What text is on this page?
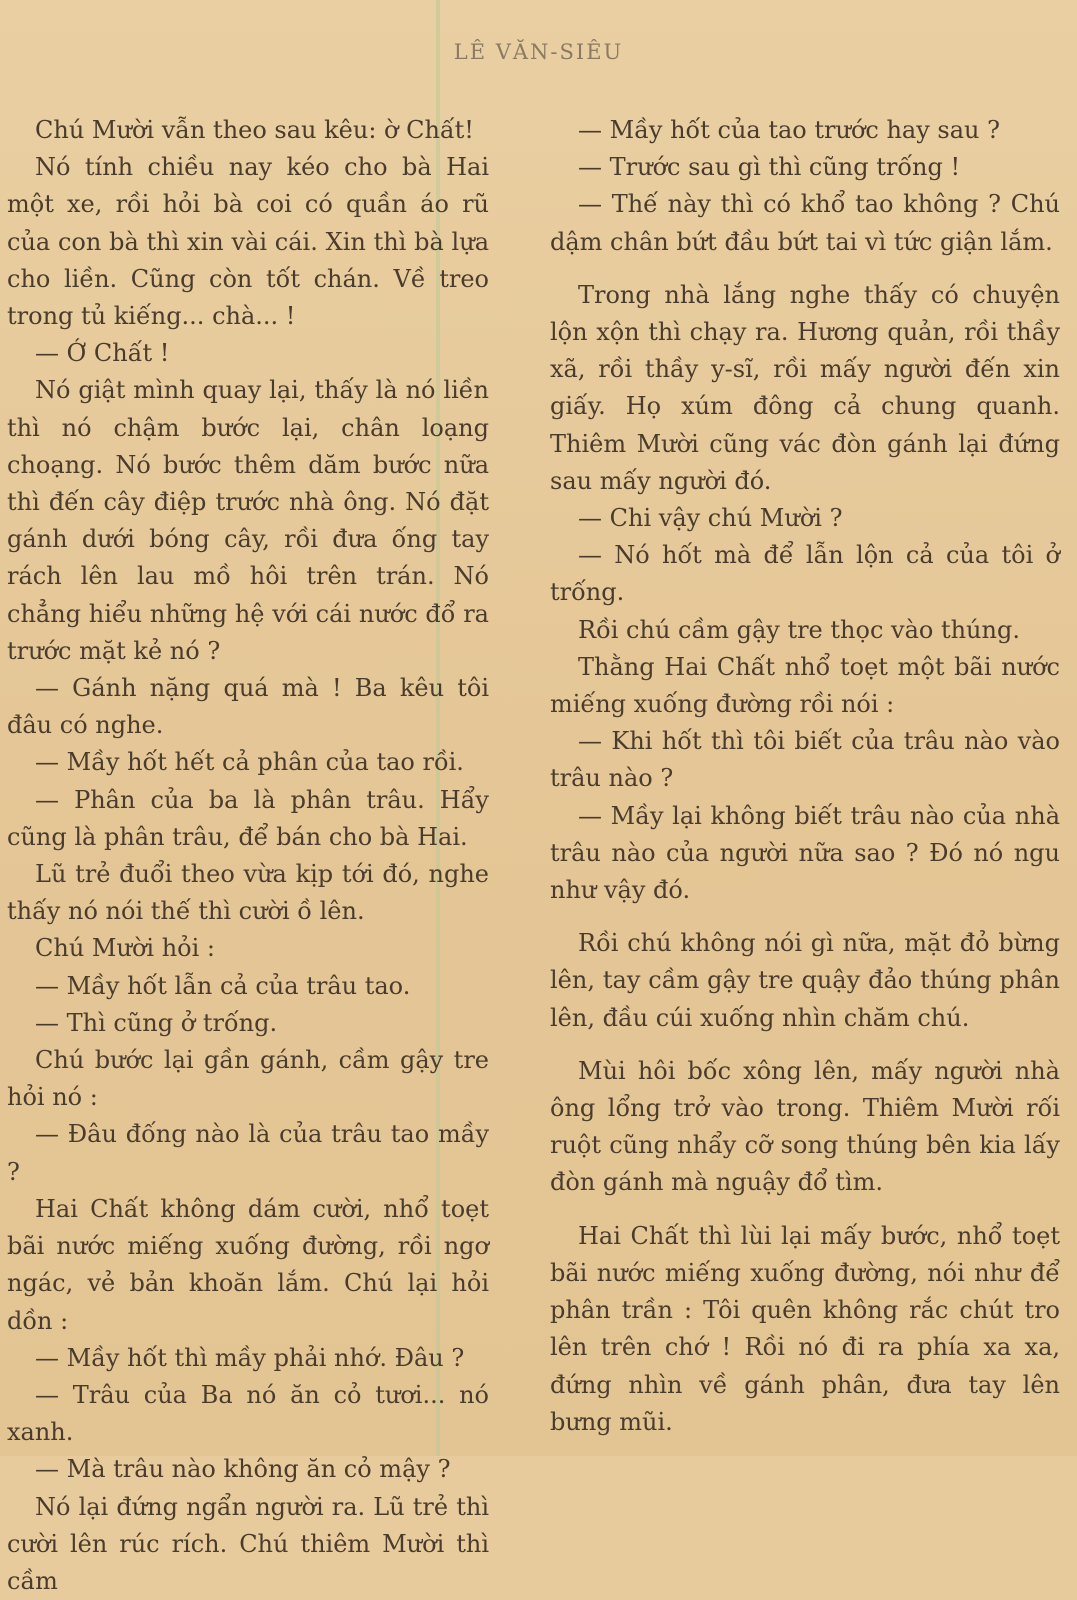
LÊ VĂN-SIÊU

Chú Mười vẫn theo sau kêu: ờ Chất!

Nó tính chiều nay kéo cho bà Hai một xe, rồi hỏi bà coi có quần áo rũ của con bà thì xin vài cái. Xin thì bà lựa cho liền. Cũng còn tốt chán. Về treo trong tủ kiếng... chà... !

— Ớ Chất !

Nó giật mình quay lại, thấy là nó liền thì nó chậm bước lại, chân loạng choạng. Nó bước thêm dăm bước nữa thì đến cây điệp trước nhà ông. Nó đặt gánh dưới bóng cây, rồi đưa ống tay rách lên lau mồ hôi trên trán. Nó chẳng hiểu những hệ với cái nước đổ ra trước mặt kẻ nó ?

— Gánh nặng quá mà ! Ba kêu tôi đâu có nghe.

— Mầy hốt hết cả phân của tao rồi.

— Phân của ba là phân trâu. Hẩy cũng là phân trâu, để bán cho bà Hai.

Lũ trẻ đuổi theo vừa kịp tới đó, nghe thấy nó nói thế thì cười ồ lên.

Chú Mười hỏi :

— Mầy hốt lẫn cả của trâu tao.

— Thì cũng ở trống.

Chú bước lại gần gánh, cầm gậy tre hỏi nó :

— Đâu đống nào là của trâu tao mầy ?

Hai Chất không dám cười, nhổ toẹt bãi nước miếng xuống đường, rồi ngơ ngác, vẻ bản khoăn lắm. Chú lại hỏi dồn :

— Mầy hốt thì mầy phải nhớ. Đâu ?

— Trâu của Ba nó ăn cỏ tươi... nó xanh.

— Mà trâu nào không ăn cỏ mậy ?

Nó lại đứng ngẩn người ra. Lũ trẻ thì cười lên rúc rích. Chú thiêm Mười thì cầm

— Mầy hốt của tao trước hay sau ?

— Trước sau gì thì cũng trống !

— Thế này thì có khổ tao không ? Chú dậm chân bứt đầu bứt tai vì tức giận lắm.

Trong nhà lắng nghe thấy có chuyện lộn xộn thì chạy ra. Hương quản, rồi thầy xã, rồi thầy y-sĩ, rồi mấy người đến xin giấy. Họ xúm đông cả chung quanh. Thiêm Mười cũng vác đòn gánh lại đứng sau mấy người đó.

— Chi vậy chú Mười ?

— Nó hốt mà để lẫn lộn cả của tôi ở trống.

Rồi chú cầm gậy tre thọc vào thúng.

Thằng Hai Chất nhổ toẹt một bãi nước miếng xuống đường rồi nói :

— Khi hốt thì tôi biết của trâu nào vào trâu nào ?

— Mầy lại không biết trâu nào của nhà trâu nào của người nữa sao ? Đó nó ngu như vậy đó.

Rồi chú không nói gì nữa, mặt đỏ bừng lên, tay cầm gậy tre quậy đảo thúng phân lên, đầu cúi xuống nhìn chăm chú.

Mùi hôi bốc xông lên, mấy người nhà ông lổng trở vào trong. Thiêm Mười rối ruột cũng nhẩy cỡ song thúng bên kia lấy đòn gánh mà nguậy đổ tìm.

Hai Chất thì lùi lại mấy bước, nhổ toẹt bãi nước miếng xuống đường, nói như để phân trần : Tôi quên không rắc chút tro lên trên chớ ! Rồi nó đi ra phía xa xa, đứng nhìn về gánh phân, đưa tay lên bưng mũi.
